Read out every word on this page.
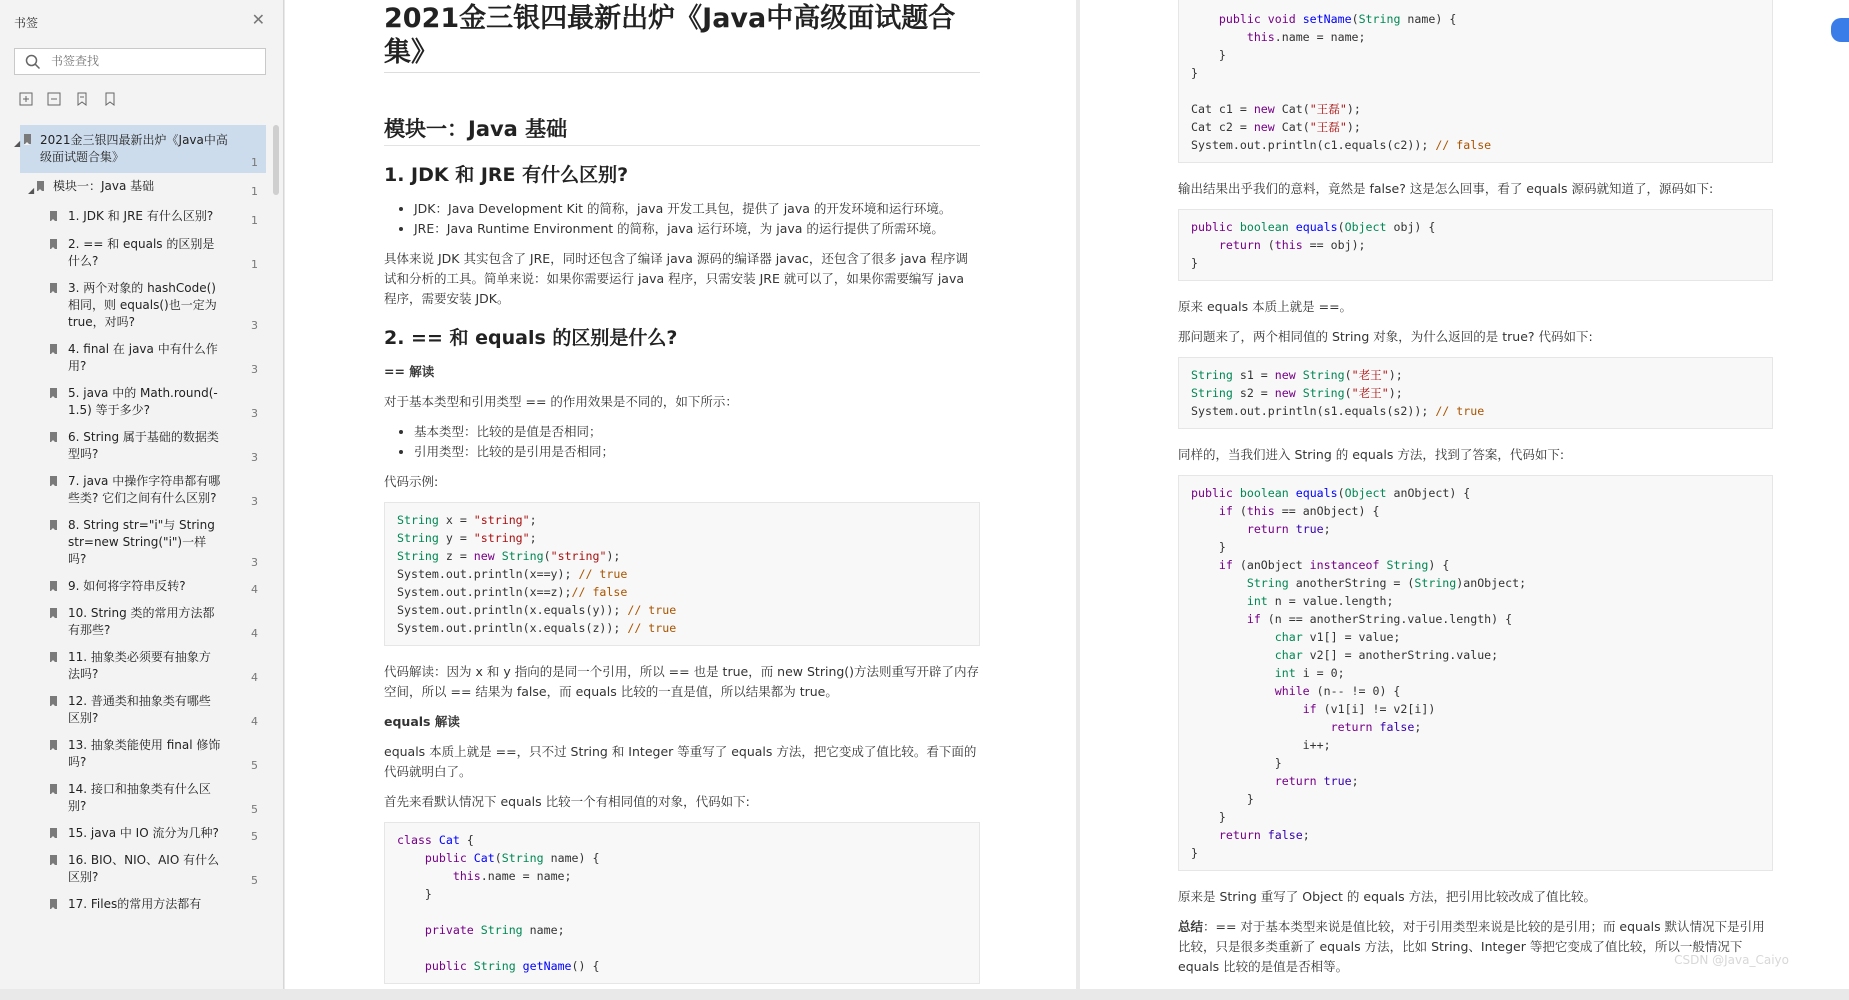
书签	✕
书签查找
◢ 2021金三银四最新出炉《Java中高级面试题合集》	1
◢ 模块一：Java 基础	1
1. JDK 和 JRE 有什么区别?	1
2. == 和 equals 的区别是什么?	1
3. 两个对象的 hashCode()相同，则 equals()也一定为 true，对吗?	3
4. final 在 java 中有什么作用?	3
5. java 中的 Math.round(-1.5) 等于多少?	3
6. String 属于基础的数据类型吗?	3
7. java 中操作字符串都有哪些类? 它们之间有什么区别?	3
8. String str="i"与 String str=new String("i")一样吗?	3
9. 如何将字符串反转?	4
10. String 类的常用方法都有那些?	4
11. 抽象类必须要有抽象方法吗?	4
12. 普通类和抽象类有哪些区别?	4
13. 抽象类能使用 final 修饰吗?	5
14. 接口和抽象类有什么区别?	5
15. java 中 IO 流分为几种?	5
16. BIO、NIO、AIO 有什么区别?	5
17. Files的常用方法都有
2021金三银四最新出炉《Java中高级面试题合集》
模块一：Java 基础
1. JDK 和 JRE 有什么区别?
• JDK：Java Development Kit 的简称，java 开发工具包，提供了 java 的开发环境和运行环境。
• JRE：Java Runtime Environment 的简称，java 运行环境，为 java 的运行提供了所需环境。

具体来说 JDK 其实包含了 JRE，同时还包含了编译 java 源码的编译器 javac，还包含了很多 java 程序调试和分析的工具。简单来说：如果你需要运行 java 程序，只需安装 JRE 就可以了，如果你需要编写 java 程序，需要安装 JDK。

2. == 和 equals 的区别是什么?
== 解读

对于基本类型和引用类型 == 的作用效果是不同的，如下所示：

• 基本类型：比较的是值是否相同；
• 引用类型：比较的是引用是否相同；

代码示例:

String x = "string";
String y = "string";
String z = new String("string");
System.out.println(x==y); // true
System.out.println(x==z);// false
System.out.println(x.equals(y)); // true
System.out.println(x.equals(z)); // true

代码解读：因为 x 和 y 指向的是同一个引用，所以 == 也是 true，而 new String()方法则重写开辟了内存空间，所以 == 结果为 false，而 equals 比较的一直是值，所以结果都为 true。

equals 解读

equals 本质上就是 ==，只不过 String 和 Integer 等重写了 equals 方法，把它变成了值比较。看下面的代码就明白了。

首先来看默认情况下 equals 比较一个有相同值的对象，代码如下:

class Cat {
public Cat(String name) {
this.name = name;
}

private String name;

public String getName() {
public void setName(String name) {
this.name = name;
}
}

Cat c1 = new Cat("王磊");
Cat c2 = new Cat("王磊");
System.out.println(c1.equals(c2)); // false

输出结果出乎我们的意料，竟然是 false? 这是怎么回事，看了 equals 源码就知道了，源码如下:

public boolean equals(Object obj) {
return (this == obj);
}

原来 equals 本质上就是 ==。

那问题来了，两个相同值的 String 对象，为什么返回的是 true? 代码如下:

String s1 = new String("老王");
String s2 = new String("老王");
System.out.println(s1.equals(s2)); // true

同样的，当我们进入 String 的 equals 方法，找到了答案，代码如下:

public boolean equals(Object anObject) {
if (this == anObject) {
return true;
}
if (anObject instanceof String) {
String anotherString = (String)anObject;
int n = value.length;
if (n == anotherString.value.length) {
char v1[] = value;
char v2[] = anotherString.value;
int i = 0;
while (n-- != 0) {
if (v1[i] != v2[i])
return false;
i++;
}
return true;
}
}
return false;
}

原来是 String 重写了 Object 的 equals 方法，把引用比较改成了值比较。

总结：== 对于基本类型来说是值比较，对于引用类型来说是比较的是引用；而 equals 默认情况下是引用比较，只是很多类重新了 equals 方法，比如 String、Integer 等把它变成了值比较，所以一般情况下 equals 比较的是值是否相等。	CSDN @Java_Caiyo
